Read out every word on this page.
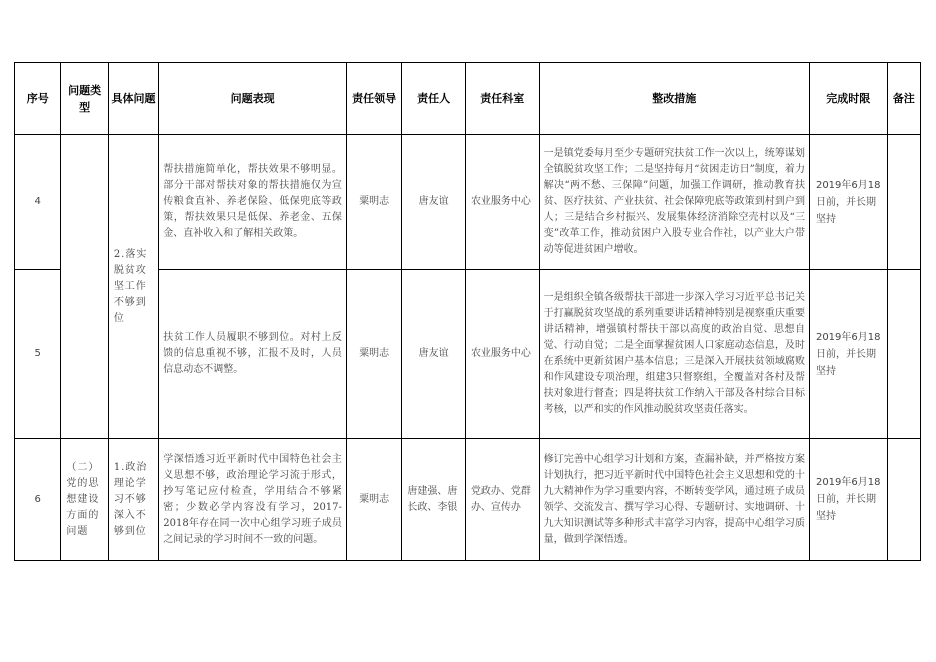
序号	问题类型	具体问题	问题表现	责任领导	责任人	责任科室	整改措施	完成时限	备注
4		2.落实脱贫攻坚工作不够到位	帮扶措施简单化，帮扶效果不够明显。部分干部对帮扶对象的帮扶措施仅为宣传粮食直补、养老保险、低保兜底等政策，帮扶效果只是低保、养老金、五保金、直补收入和了解相关政策。	粟明志	唐友谊	农业服务中心	一是镇党委每月至少专题研究扶贫工作一次以上，统筹谋划全镇脱贫攻坚工作；二是坚持每月“贫困走访日”制度，着力解决“两不愁、三保障”问题，加强工作调研，推动教育扶贫、医疗扶贫、产业扶贫、社会保障兜底等政策到村到户到人；三是结合乡村振兴、发展集体经济消除空壳村以及“三变”改革工作，推动贫困户入股专业合作社，以产业大户带动等促进贫困户增收。	2019年6月18日前，并长期坚持	
5			扶贫工作人员履职不够到位。对村上反馈的信息重视不够，汇报不及时，人员信息动态不调整。	粟明志	唐友谊	农业服务中心	一是组织全镇各级帮扶干部进一步深入学习习近平总书记关于打赢脱贫攻坚战的系列重要讲话精神特别是视察重庆重要讲话精神，增强镇村帮扶干部以高度的政治自觉、思想自觉、行动自觉；二是全面掌握贫困人口家庭动态信息，及时在系统中更新贫困户基本信息；三是深入开展扶贫领域腐败和作风建设专项治理，组建3只督察组，全覆盖对各村及帮扶对象进行督查；四是将扶贫工作纳入干部及各村综合目标考核，以严和实的作风推动脱贫攻坚责任落实。	2019年6月18日前，并长期坚持	
6	（二）党的思想建设方面的问题	1.政治理论学习不够深入不够到位	学深悟透习近平新时代中国特色社会主义思想不够，政治理论学习流于形式，抄写笔记应付检查，学用结合不够紧密；少数必学内容没有学习，2017-2018年存在同一次中心组学习班子成员之间记录的学习时间不一致的问题。	粟明志	唐建强、唐长政、李银	党政办、党群办、宣传办	修订完善中心组学习计划和方案，查漏补缺，并严格按方案计划执行，把习近平新时代中国特色社会主义思想和党的十九大精神作为学习重要内容，不断转变学风，通过班子成员领学、交流发言、撰写学习心得、专题研讨、实地调研、十九大知识测试等多种形式丰富学习内容，提高中心组学习质量，做到学深悟透。	2019年6月18日前，并长期坚持	
